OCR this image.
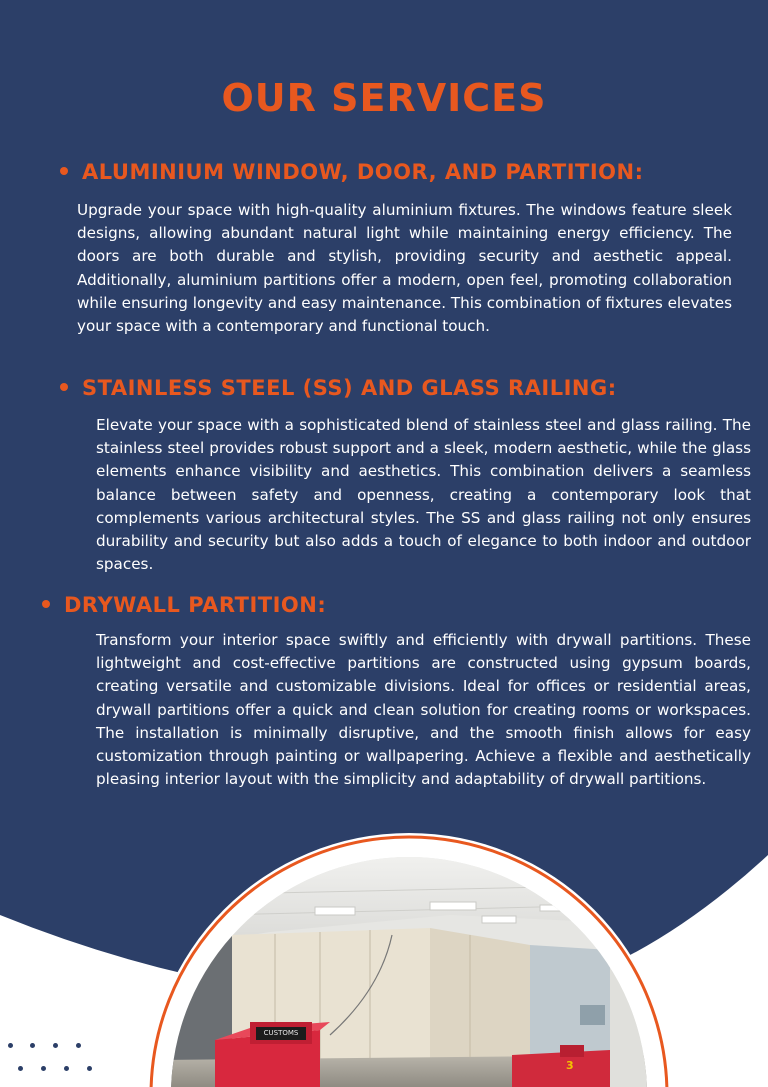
CUSTOMS
3
OUR SERVICES
ALUMINIUM WINDOW, DOOR, AND PARTITION:

Upgrade your space with high-quality aluminium fixtures. The windows feature sleek designs, allowing abundant natural light while maintaining energy efficiency. The doors are both durable and stylish, providing security and aesthetic appeal. Additionally, aluminium partitions offer a modern, open feel, promoting collaboration while ensuring longevity and easy maintenance. This combination of fixtures elevates your space with a contemporary and functional touch.

STAINLESS STEEL (SS) AND GLASS RAILING:

Elevate your space with a sophisticated blend of stainless steel and glass railing. The stainless steel provides robust support and a sleek, modern aesthetic, while the glass elements enhance visibility and aesthetics. This combination delivers a seamless balance between safety and openness, creating a contemporary look that complements various architectural styles. The SS and glass railing not only ensures durability and security but also adds a touch of elegance to both indoor and outdoor spaces.

DRYWALL PARTITION:

Transform your interior space swiftly and efficiently with drywall partitions. These lightweight and cost-effective partitions are constructed using gypsum boards, creating versatile and customizable divisions. Ideal for offices or residential areas, drywall partitions offer a quick and clean solution for creating rooms or workspaces. The installation is minimally disruptive, and the smooth finish allows for easy customization through painting or wallpapering. Achieve a flexible and aesthetically pleasing interior layout with the simplicity and adaptability of drywall partitions.
